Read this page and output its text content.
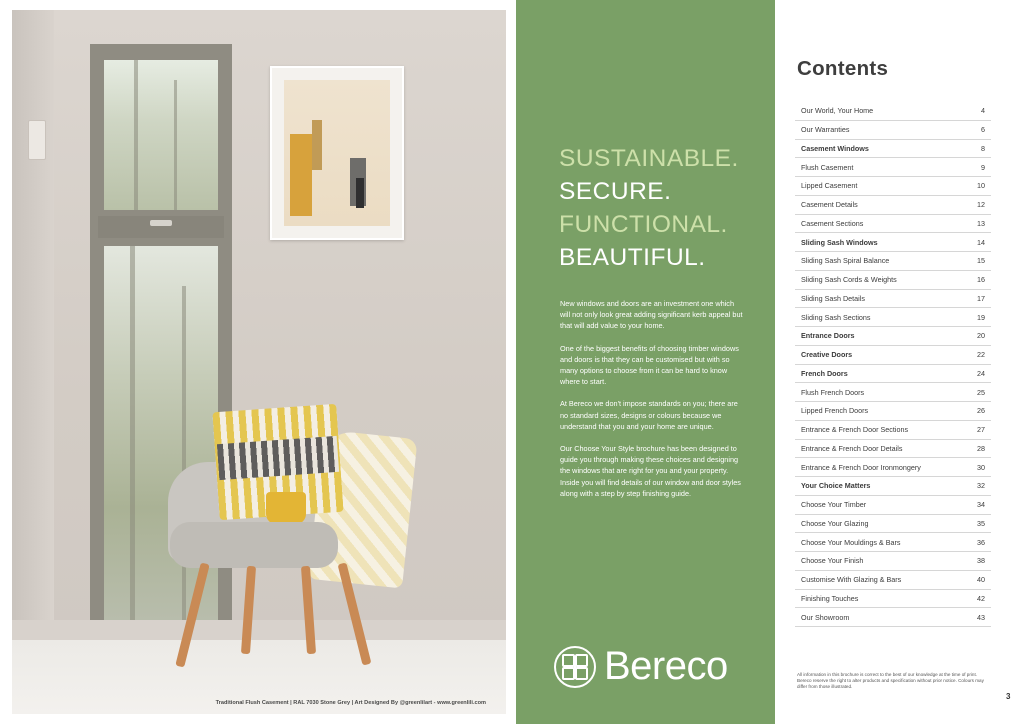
Traditional Flush Casement | RAL 7030 Stone Grey | Art Designed By @greenlilart - www.greenlili.com
SUSTAINABLE.
SECURE.
FUNCTIONAL.
BEAUTIFUL.

New windows and doors are an investment one which will not only look great adding significant kerb appeal but that will add value to your home.

One of the biggest benefits of choosing timber windows and doors is that they can be customised but with so many options to choose from it can be hard to know where to start.

At Bereco we don't impose standards on you; there are no standard sizes, designs or colours because we understand that you and your home are unique.

Our Choose Your Style brochure has been designed to guide you through making these choices and designing the windows that are right for you and your property. Inside you will find details of our window and door styles along with a step by step finishing guide.

Bereco
Contents
Our World, Your Home	4
Our Warranties	6
Casement Windows	8
Flush Casement	9
Lipped Casement	10
Casement Details	12
Casement Sections	13
Sliding Sash Windows	14
Sliding Sash Spiral Balance	15
Sliding Sash Cords & Weights	16
Sliding Sash Details	17
Sliding Sash Sections	19
Entrance Doors	20
Creative Doors	22
French Doors	24
Flush French Doors	25
Lipped French Doors	26
Entrance & French Door Sections	27
Entrance & French Door Details	28
Entrance & French Door Ironmongery	30
Your Choice Matters	32
Choose Your Timber	34
Choose Your Glazing	35
Choose Your Mouldings & Bars	36
Choose Your Finish	38
Customise With Glazing & Bars	40
Finishing Touches	42
Our Showroom	43
All information in this brochure is correct to the best of our knowledge at the time of print. Bereco reserve the right to alter products and specification without prior notice. Colours may differ from those illustrated.
3
